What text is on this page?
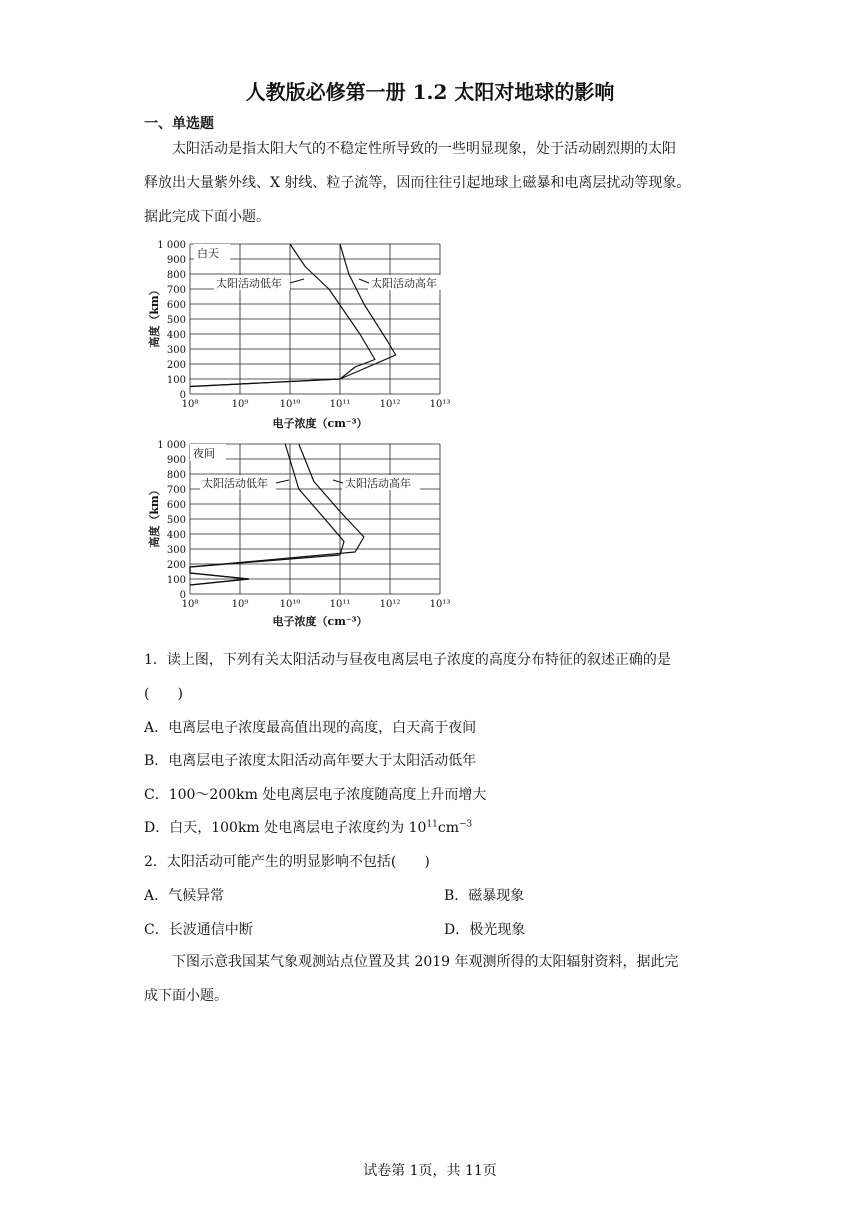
人教版必修第一册 1.2 太阳对地球的影响
一、单选题
太阳活动是指太阳大气的不稳定性所导致的一些明显现象，处于活动剧烈期的太阳
释放出大量紫外线、X 射线、粒子流等，因而往往引起地球上磁暴和电离层扰动等现象。
据此完成下面小题。
10⁸	10⁹	10¹⁰	10¹¹	10¹²	10¹³
0
100
200
300
400
500
600
700
800
900
1 000
白天
太阳活动低年	太阳活动高年
高度（km）
电子浓度（cm⁻³）
10⁸	10⁹	10¹⁰	10¹¹	10¹²	10¹³
0
100
200
300
400
500
600
700
800
900
1 000
夜间
太阳活动低年	太阳活动高年
高度（km）
电子浓度（cm⁻³）
1．读上图，下列有关太阳活动与昼夜电离层电子浓度的高度分布特征的叙述正确的是
(　　)
A．电离层电子浓度最高值出现的高度，白天高于夜间
B．电离层电子浓度太阳活动高年要大于太阳活动低年
C．100～200km 处电离层电子浓度随高度上升而增大
D．白天，100km 处电离层电子浓度约为 $10^{11}cm^{-3}$
2．太阳活动可能产生的明显影响不包括(　　)
A．气候异常	B．磁暴现象
C．长波通信中断	D．极光现象
下图示意我国某气象观测站点位置及其 2019 年观测所得的太阳辐射资料，据此完
成下面小题。
试卷第 1页，共 11页
